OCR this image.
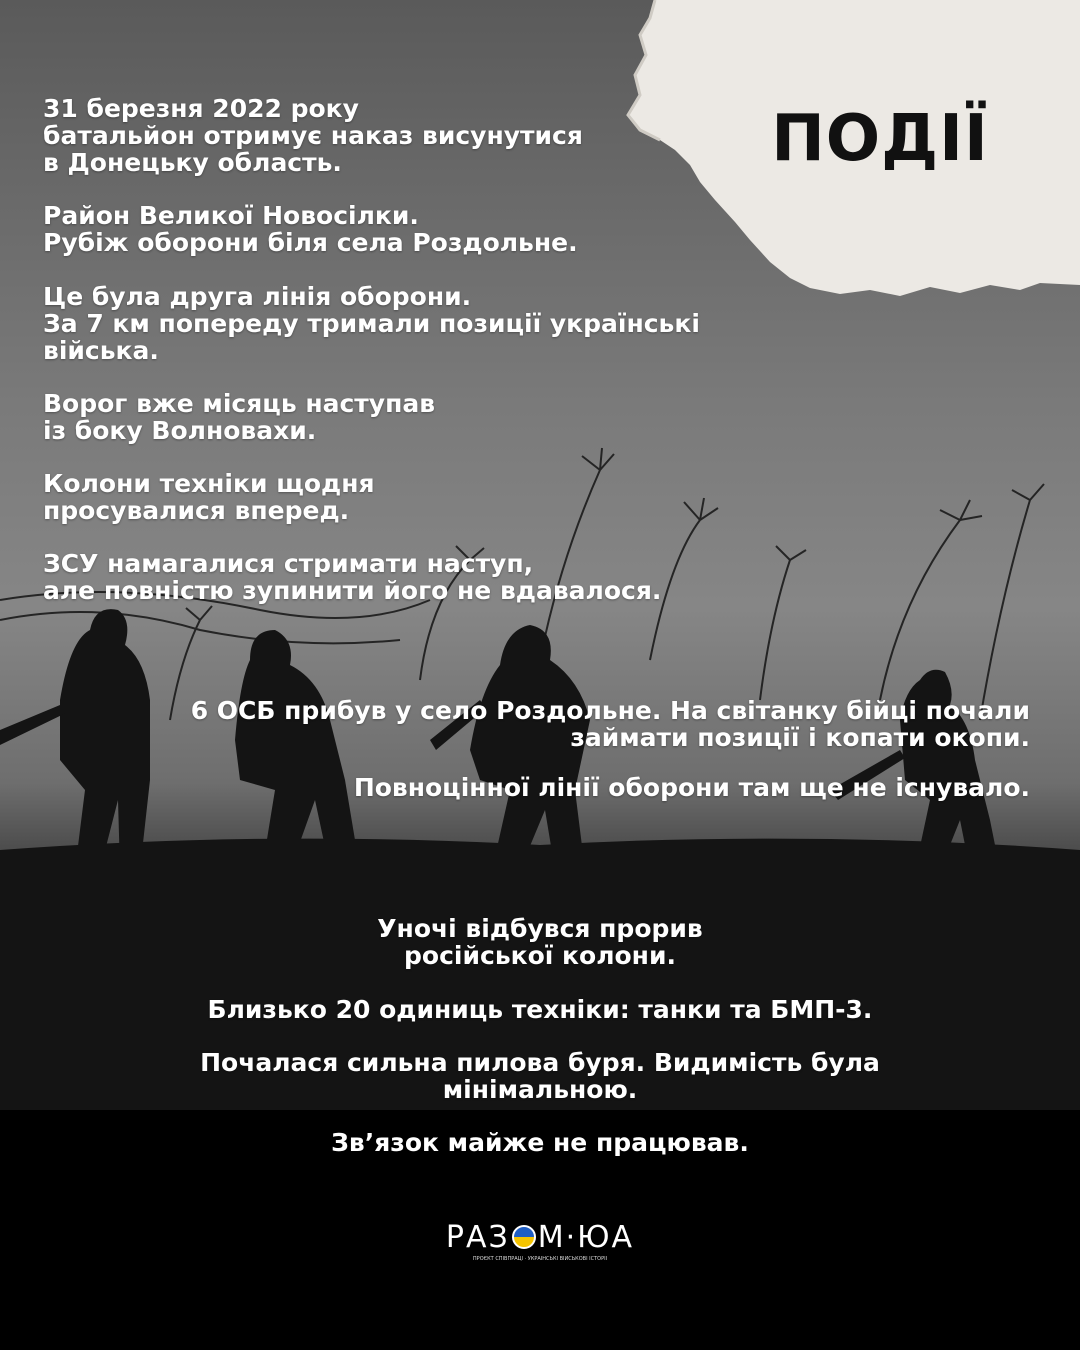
ПОДІЇ

31 березня 2022 року
батальйон отримує наказ висунутися
в Донецьку область.

Район Великої Новосілки.
Рубіж оборони біля села Роздольне.

Це була друга лінія оборони.
За 7 км попереду тримали позиції українські
війська.

Ворог вже місяць наступав
із боку Волновахи.

Колони техніки щодня
просувалися вперед.

ЗСУ намагалися стримати наступ,
але повністю зупинити його не вдавалося.

6 ОСБ прибув у село Роздольне. На світанку бійці почали
займати позиції і копати окопи.

Повноцінної лінії оборони там ще не існувало.

Уночі відбувся прорив
російської колони.

Близько 20 одиниць техніки: танки та БМП-3.

Почалася сильна пилова буря. Видимість була
мінімальною.

Зв’язок майже не працював.

РАЗ М·ЮА
ПРОЄКТ СПІВПРАЦІ · УКРАЇНСЬКІ ВІЙСЬКОВІ ІСТОРІЇ
